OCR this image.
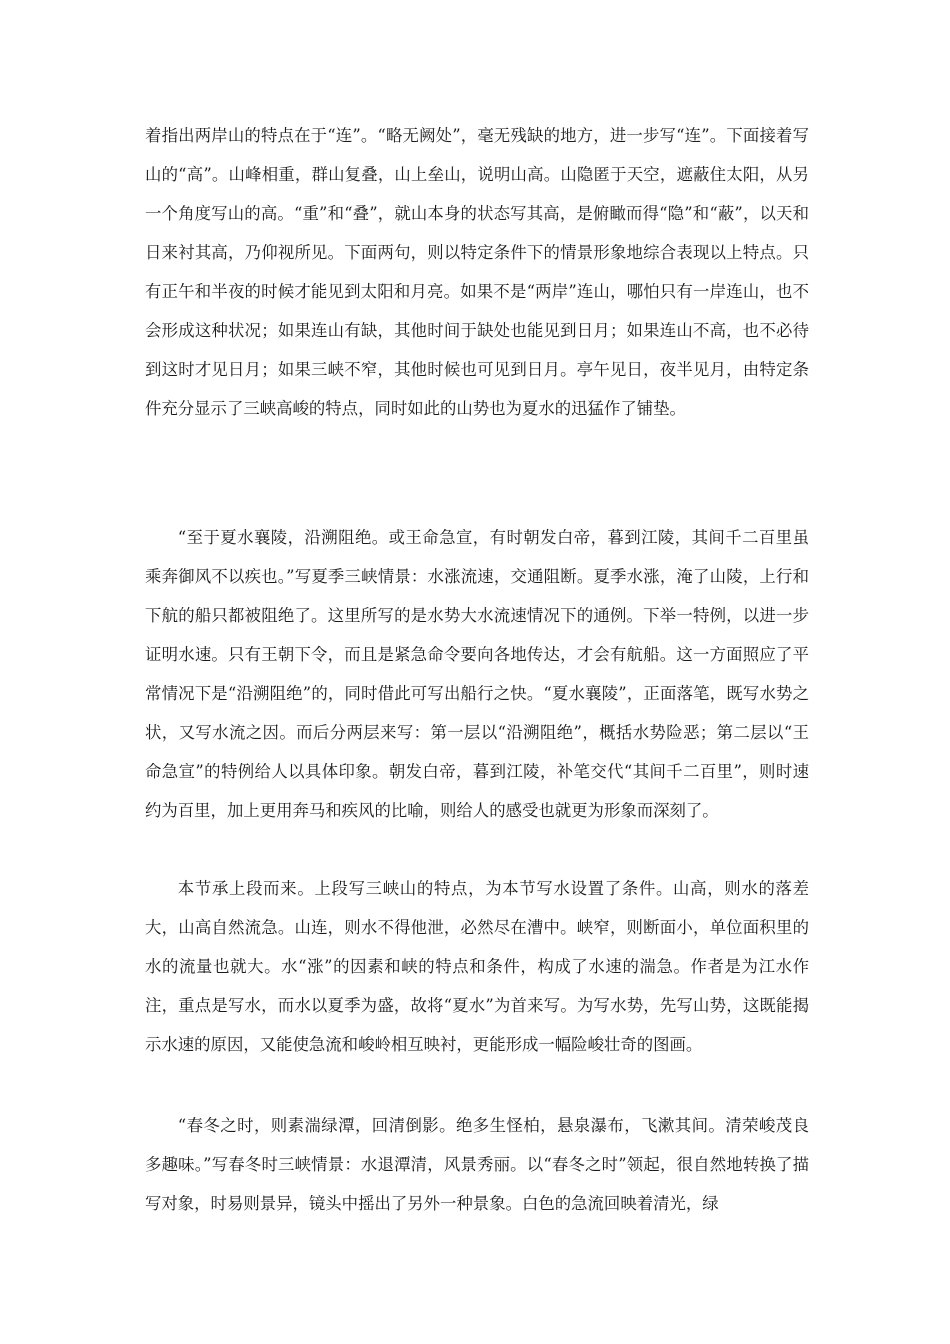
着指出两岸山的特点在于“连”。“略无阙处”，毫无残缺的地方，进一步写“连”。下面接着写山的“高”。山峰相重，群山复叠，山上垒山，说明山高。山隐匿于天空，遮蔽住太阳，从另一个角度写山的高。“重”和“叠”，就山本身的状态写其高，是俯瞰而得“隐”和“蔽”，以天和日来衬其高，乃仰视所见。下面两句，则以特定条件下的情景形象地综合表现以上特点。只有正午和半夜的时候才能见到太阳和月亮。如果不是“两岸”连山，哪怕只有一岸连山，也不会形成这种状况；如果连山有缺，其他时间于缺处也能见到日月；如果连山不高，也不必待到这时才见日月；如果三峡不窄，其他时候也可见到日月。亭午见日，夜半见月，由特定条件充分显示了三峡高峻的特点，同时如此的山势也为夏水的迅猛作了铺垫。

“至于夏水襄陵，沿溯阻绝。或王命急宣，有时朝发白帝，暮到江陵，其间千二百里虽乘奔御风不以疾也。”写夏季三峡情景：水涨流速，交通阻断。夏季水涨，淹了山陵，上行和下航的船只都被阻绝了。这里所写的是水势大水流速情况下的通例。下举一特例，以进一步证明水速。只有王朝下令，而且是紧急命令要向各地传达，才会有航船。这一方面照应了平常情况下是“沿溯阻绝”的，同时借此可写出船行之快。“夏水襄陵”，正面落笔，既写水势之状，又写水流之因。而后分两层来写：第一层以“沿溯阻绝”，概括水势险恶；第二层以“王命急宣”的特例给人以具体印象。朝发白帝，暮到江陵，补笔交代“其间千二百里”，则时速约为百里，加上更用奔马和疾风的比喻，则给人的感受也就更为形象而深刻了。

本节承上段而来。上段写三峡山的特点，为本节写水设置了条件。山高，则水的落差大，山高自然流急。山连，则水不得他泄，必然尽在漕中。峡窄，则断面小，单位面积里的水的流量也就大。水“涨”的因素和峡的特点和条件，构成了水速的湍急。作者是为江水作注，重点是写水，而水以夏季为盛，故将“夏水”为首来写。为写水势，先写山势，这既能揭示水速的原因，又能使急流和峻岭相互映衬，更能形成一幅险峻壮奇的图画。

“春冬之时，则素湍绿潭，回清倒影。绝多生怪柏，悬泉瀑布，飞漱其间。清荣峻茂良多趣味。”写春冬时三峡情景：水退潭清，风景秀丽。以“春冬之时”领起，很自然地转换了描写对象，时易则景异，镜头中摇出了另外一种景象。白色的急流回映着清光，绿
